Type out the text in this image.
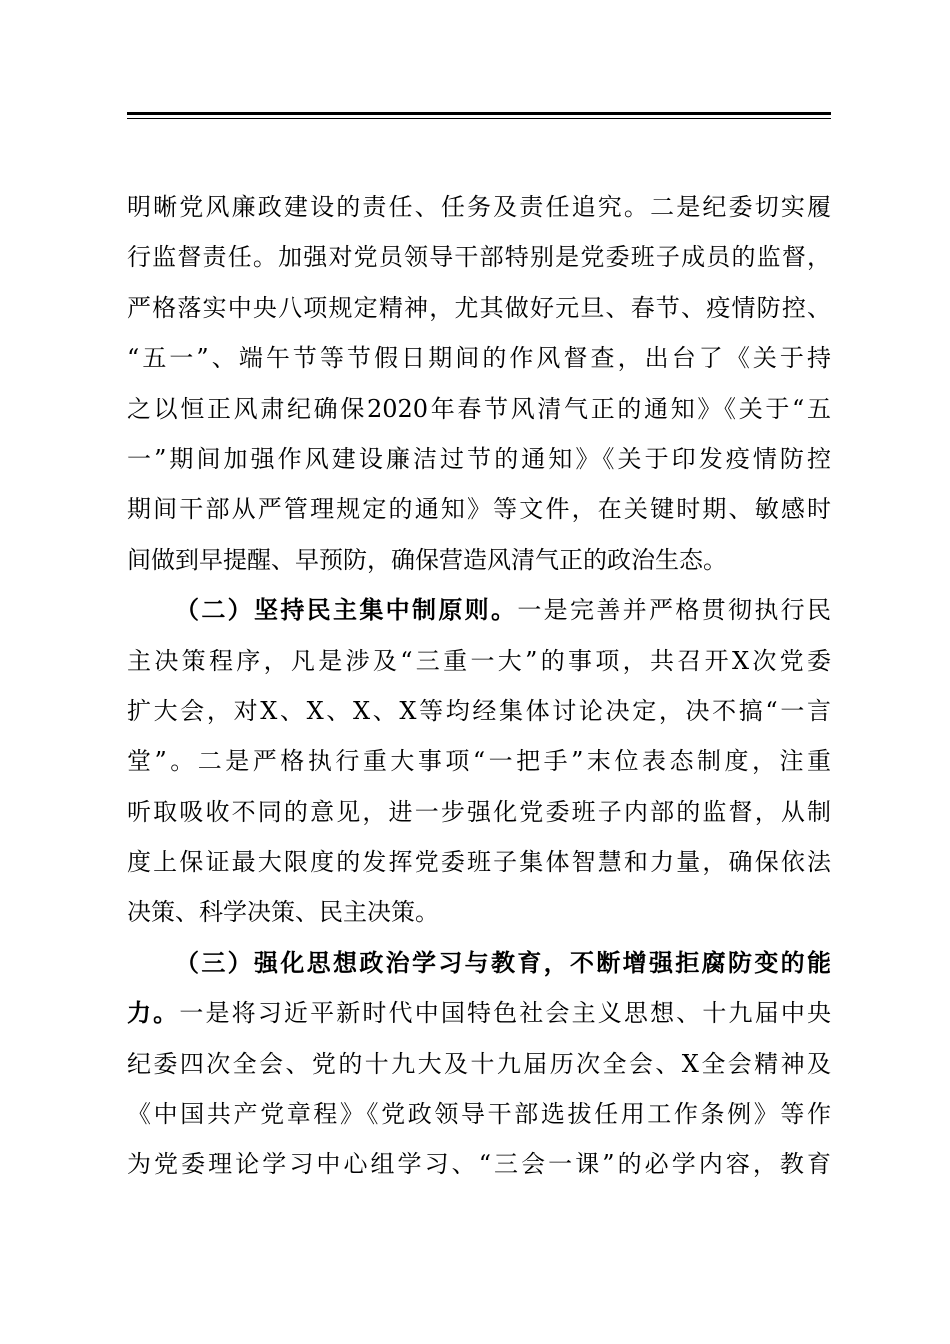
明晰党风廉政建设的责任、任务及责任追究。二是纪委切实履
行监督责任。加强对党员领导干部特别是党委班子成员的监督，
严格落实中央八项规定精神，尤其做好元旦、春节、疫情防控、
“五一”、端午节等节假日期间的作风督查，出台了《关于持
之以恒正风肃纪确保2020年春节风清气正的通知》《关于“五
一”期间加强作风建设廉洁过节的通知》《关于印发疫情防控
期间干部从严管理规定的通知》等文件，在关键时期、敏感时
间做到早提醒、早预防，确保营造风清气正的政治生态。
（二）坚持民主集中制原则。一是完善并严格贯彻执行民
主决策程序，凡是涉及“三重一大”的事项，共召开X次党委
扩大会，对X、X、X、X等均经集体讨论决定，决不搞“一言
堂”。二是严格执行重大事项“一把手”末位表态制度，注重
听取吸收不同的意见，进一步强化党委班子内部的监督，从制
度上保证最大限度的发挥党委班子集体智慧和力量，确保依法
决策、科学决策、民主决策。
（三）强化思想政治学习与教育，不断增强拒腐防变的能
力。一是将习近平新时代中国特色社会主义思想、十九届中央
纪委四次全会、党的十九大及十九届历次全会、X全会精神及
《中国共产党章程》《党政领导干部选拔任用工作条例》等作
为党委理论学习中心组学习、“三会一课”的必学内容，教育
